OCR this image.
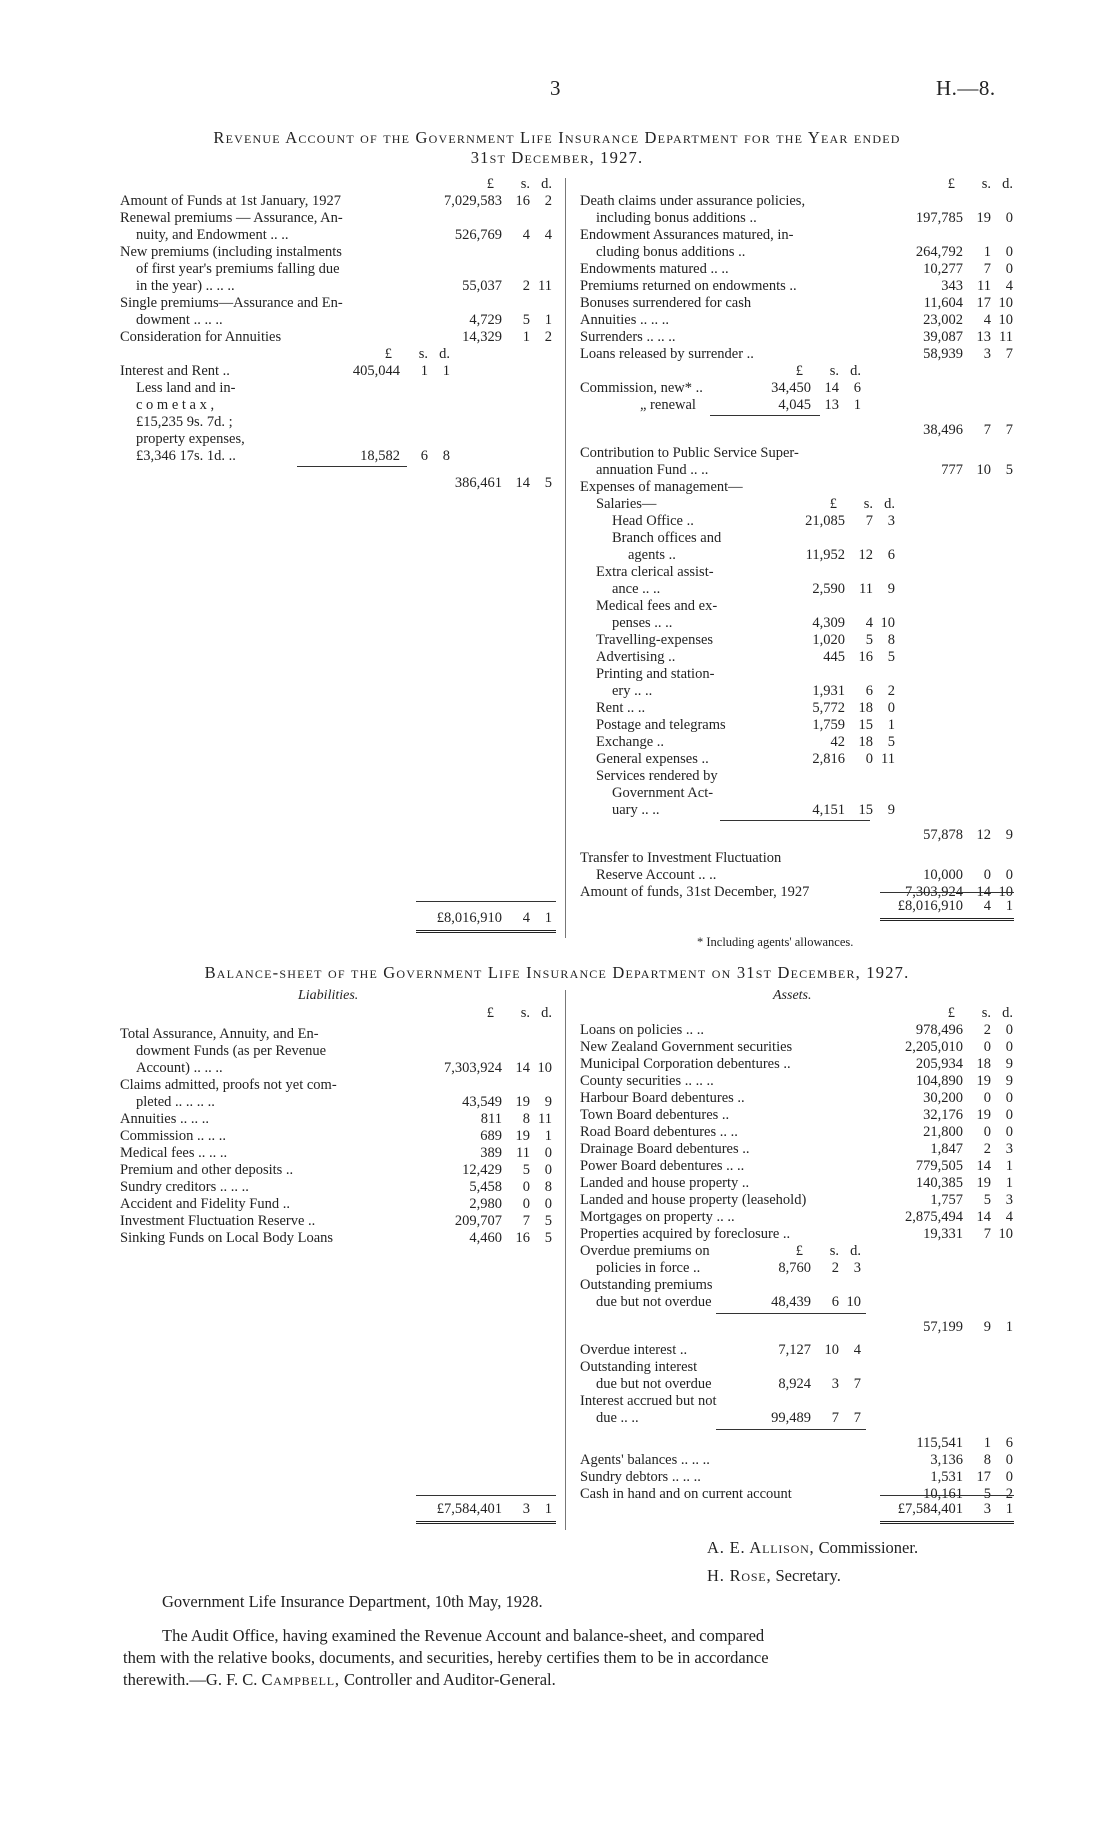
3	H.—8.
Revenue Account of the Government Life Insurance Department for the Year ended
31st December, 1927.
£	s. d.
Amount of Funds at 1st January, 1927	7,029,583 16	2
Renewal premiums — Assurance, An-
nuity, and Endowment .. ..	526,769	4	4
New premiums (including instalments
of first year's premiums falling due
in the year) .. .. ..	55,037	2 11
Single premiums—Assurance and En-
dowment .. .. ..	4,729	5	1
Consideration for Annuities	14,329	1	2
£	s. d.
Interest and Rent ..	405,044	1	1
Less land and in-
c o m e t a x ,
£15,235 9s. 7d. ;
property expenses,
£3,346 17s. 1d. ..	18,582	6	8
386,461 14	5
£8,016,910	4	1
£	s. d.
Death claims under assurance policies,
including bonus additions ..	197,785 19	0
Endowment Assurances matured, in-
cluding bonus additions ..	264,792	1	0
Endowments matured .. ..	10,277	7	0
Premiums returned on endowments ..	343 11	4
Bonuses surrendered for cash	11,604 17 10
Annuities .. .. ..	23,002	4 10
Surrenders .. .. ..	39,087 13 11
Loans released by surrender ..	58,939	3	7
£	s. d.
Commission, new* ..	34,450 14	6
„ renewal	4,045 13	1
38,496	7	7
Contribution to Public Service Super-
annuation Fund .. ..	777 10	5
Expenses of management—
Salaries—	£	s. d.
Head Office ..	21,085	7	3
Branch offices and
agents ..	11,952 12	6
Extra clerical assist-
ance .. ..	2,590 11	9
Medical fees and ex-
penses .. ..	4,309	4 10
Travelling-expenses	1,020	5	8
Advertising ..	445 16	5
Printing and station-
ery .. ..	1,931	6	2
Rent .. ..	5,772 18	0
Postage and telegrams	1,759 15	1
Exchange ..	42 18	5
General expenses ..	2,816	0 11
Services rendered by
Government Act-
uary .. ..	4,151 15	9
57,878 12	9
Transfer to Investment Fluctuation
Reserve Account .. ..	10,000	0	0
Amount of funds, 31st December, 1927	7,303,924 14 10
£8,016,910	4	1
* Including agents' allowances.
Balance-sheet of the Government Life Insurance Department on 31st December, 1927.
Liabilities.	Assets.
£	s. d.
Total Assurance, Annuity, and En-
dowment Funds (as per Revenue
Account) .. .. ..	7,303,924 14 10
Claims admitted, proofs not yet com-
pleted .. .. .. ..	43,549 19	9
Annuities .. .. ..	811	8 11
Commission .. .. ..	689 19	1
Medical fees .. .. ..	389 11	0
Premium and other deposits ..	12,429	5	0
Sundry creditors .. .. ..	5,458	0	8
Accident and Fidelity Fund ..	2,980	0	0
Investment Fluctuation Reserve ..	209,707	7	5
Sinking Funds on Local Body Loans	4,460 16	5
£7,584,401	3	1
£	s. d.
Loans on policies .. ..	978,496	2	0
New Zealand Government securities	2,205,010	0	0
Municipal Corporation debentures ..	205,934 18	9
County securities .. .. ..	104,890 19	9
Harbour Board debentures ..	30,200	0	0
Town Board debentures ..	32,176 19	0
Road Board debentures .. ..	21,800	0	0
Drainage Board debentures ..	1,847	2	3
Power Board debentures .. ..	779,505 14	1
Landed and house property ..	140,385 19	1
Landed and house property (leasehold)	1,757	5	3
Mortgages on property .. ..	2,875,494 14	4
Properties acquired by foreclosure ..	19,331	7 10
£	s. d.
Overdue premiums on
policies in force ..	8,760	2	3
Outstanding premiums
due but not overdue	48,439	6 10
57,199	9	1
Overdue interest ..	7,127 10	4
Outstanding interest
due but not overdue	8,924	3	7
Interest accrued but not
due .. ..	99,489	7	7
115,541	1	6
Agents' balances .. .. ..	3,136	8	0
Sundry debtors .. .. ..	1,531 17	0
Cash in hand and on current account	10,161	5	2
£7,584,401	3	1
A. E. Allison, Commissioner.
H. Rose, Secretary.
Government Life Insurance Department, 10th May, 1928.
The Audit Office, having examined the Revenue Account and balance-sheet, and compared
them with the relative books, documents, and securities, hereby certifies them to be in accordance
therewith.—G. F. C. Campbell, Controller and Auditor-General.
